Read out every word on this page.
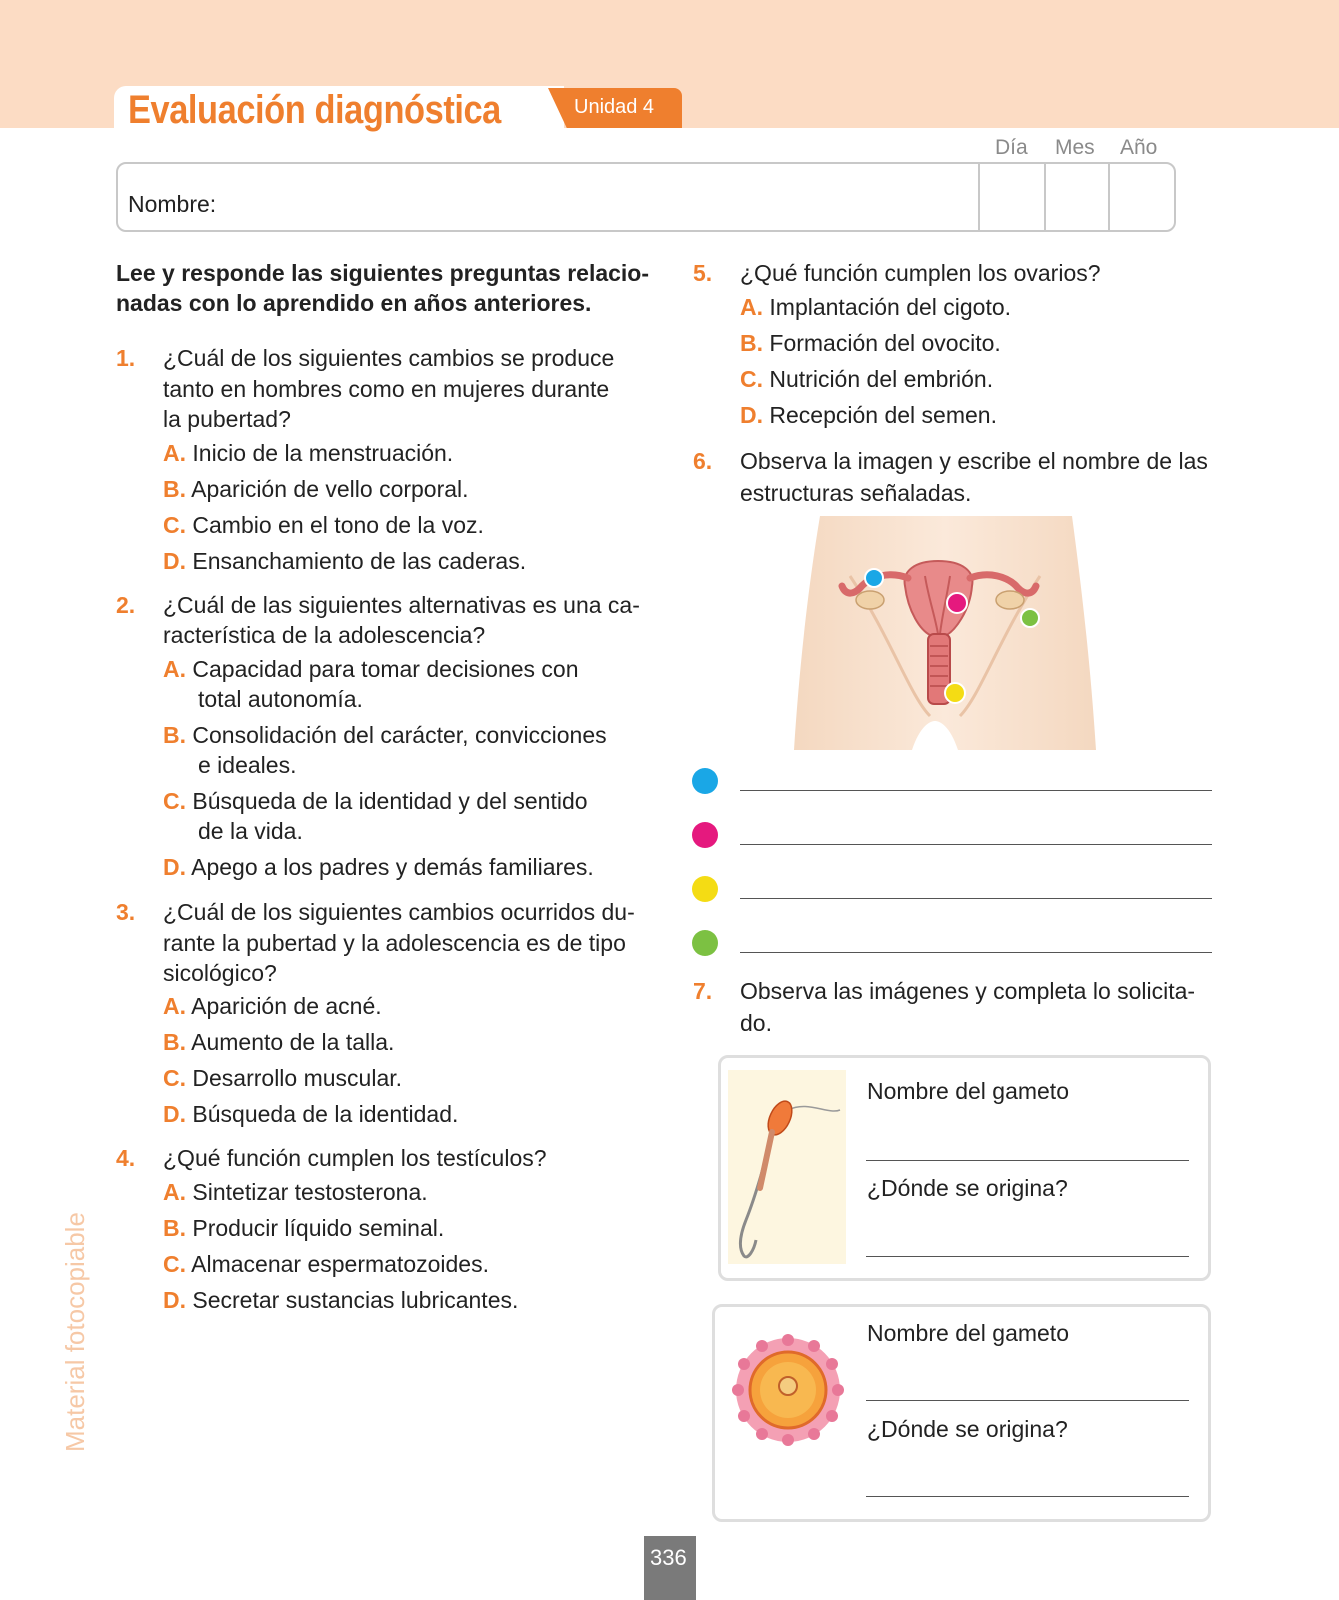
Evaluación diagnóstica	Unidad 4
Día Mes Año
Nombre:
Lee y responde las siguientes preguntas relacio-
nadas con lo aprendido en años anteriores.
1. ¿Cuál de los siguientes cambios se produce
tanto en hombres como en mujeres durante
la pubertad?
A. Inicio de la menstruación.
B. Aparición de vello corporal.
C. Cambio en el tono de la voz.
D. Ensanchamiento de las caderas.
2. ¿Cuál de las siguientes alternativas es una ca-
racterística de la adolescencia?
A. Capacidad para tomar decisiones con
total autonomía.
B. Consolidación del carácter, convicciones
e ideales.
C. Búsqueda de la identidad y del sentido
de la vida.
D. Apego a los padres y demás familiares.
3. ¿Cuál de los siguientes cambios ocurridos du-
rante la pubertad y la adolescencia es de tipo
sicológico?
A. Aparición de acné.
B. Aumento de la talla.
C. Desarrollo muscular.
D. Búsqueda de la identidad.
4. ¿Qué función cumplen los testículos?
A. Sintetizar testosterona.
B. Producir líquido seminal.
C. Almacenar espermatozoides.
D. Secretar sustancias lubricantes.
Material fotocopiable
5. ¿Qué función cumplen los ovarios?
A. Implantación del cigoto.
B. Formación del ovocito.
C. Nutrición del embrión.
D. Recepción del semen.
6. Observa la imagen y escribe el nombre de las
estructuras señaladas.
7. Observa las imágenes y completa lo solicita-
do.
Nombre del gameto
¿Dónde se origina?
Nombre del gameto
¿Dónde se origina?
336
